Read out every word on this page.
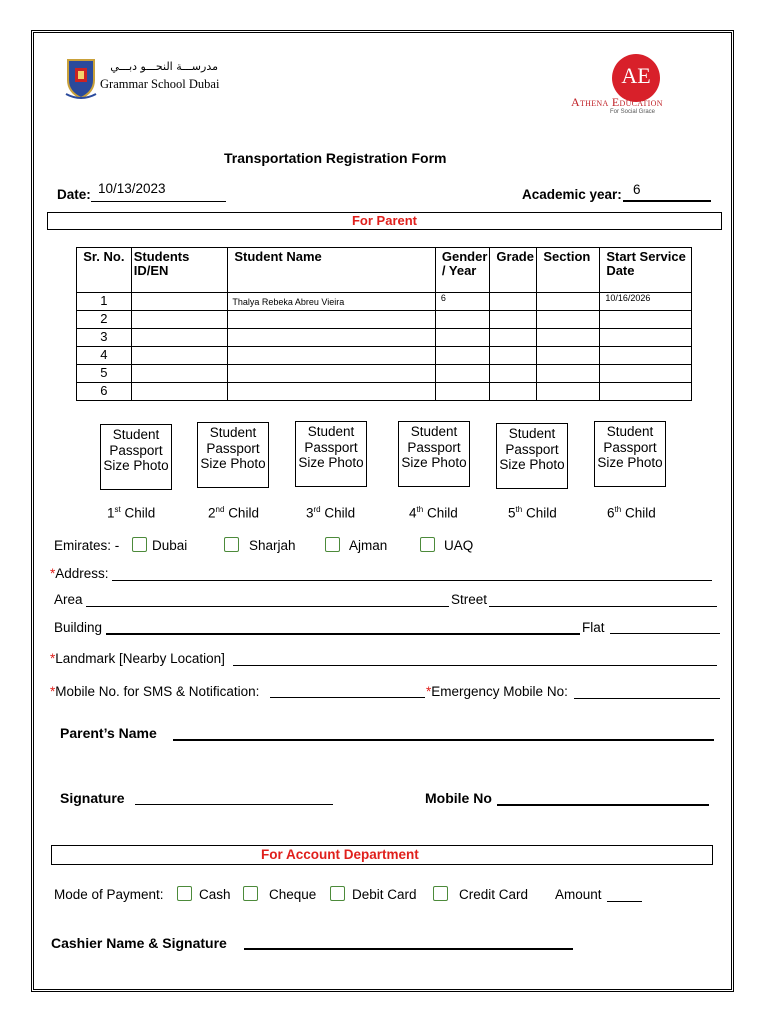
مدرســـة النحـــو دبـــي
Grammar School Dubai	AE
Athena Education
For Social Grace
Transportation Registration Form
Date: 10/13/2023	Academic year: 6
For Parent
Sr. No.	Students ID/EN	Student Name	Gender / Year	Grade	Section	Start Service Date
1		Thalya Rebeka Abreu Vieira	6			10/16/2026
2						
3						
4						
5						
6						
Student Passport Size Photo
Student Passport Size Photo
Student Passport Size Photo
Student Passport Size Photo
Student Passport Size Photo
Student Passport Size Photo
1st Child	2nd Child	3rd Child	4th Child	5th Child	6th Child
Emirates: - Dubai	Sharjah	Ajman	UAQ
*Address:
Area	Street
Building	Flat
*Landmark [Nearby Location]
*Mobile No. for SMS & Notification:	*Emergency Mobile No:
Parent’s Name
Signature	Mobile No
For Account Department
Mode of Payment:	Cash	Cheque	Debit Card	Credit Card Amount
Cashier Name & Signature
